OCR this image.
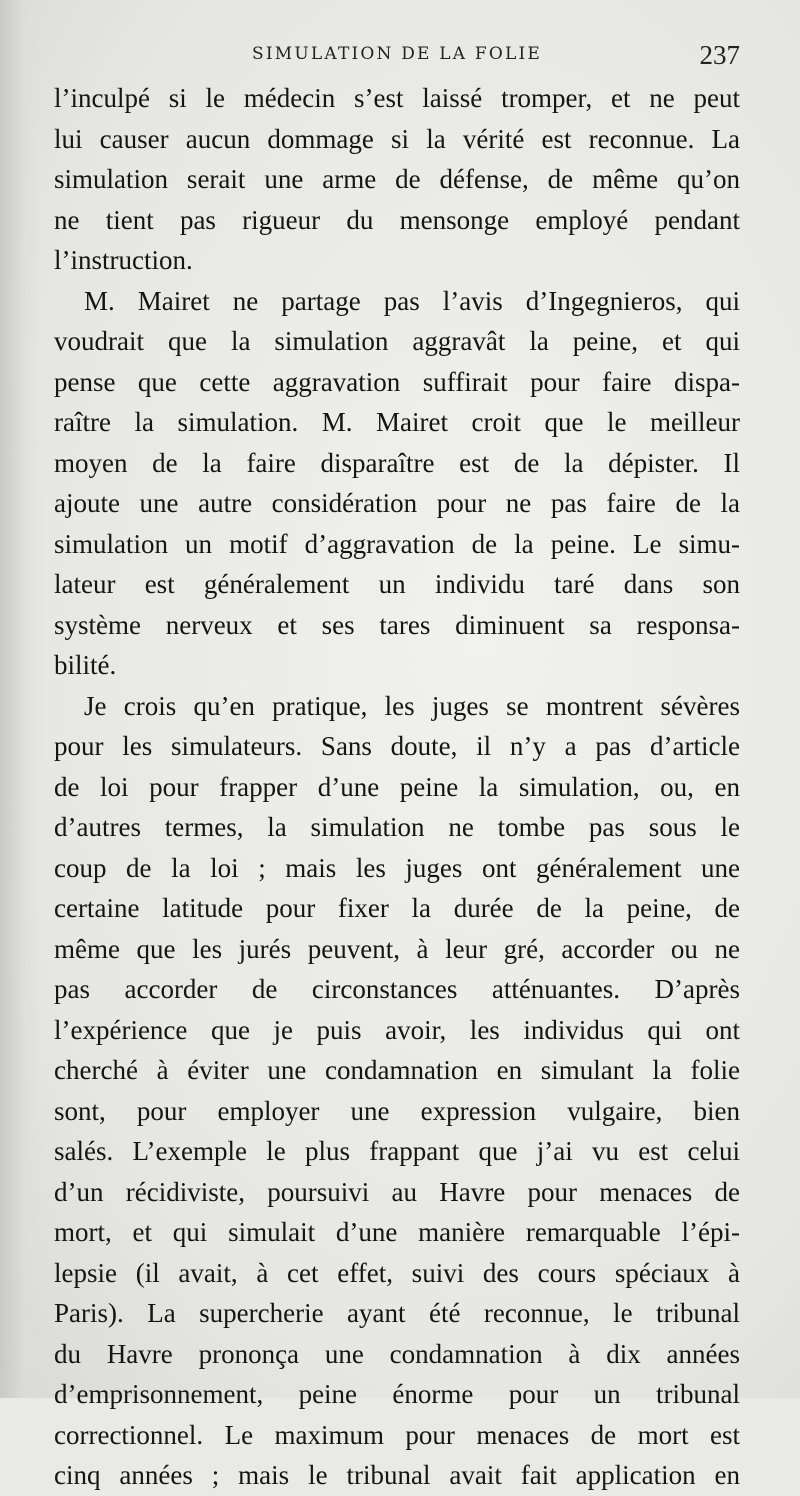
SIMULATION DE LA FOLIE	237
l’inculpé si le médecin s’est laissé tromper, et ne peut
lui causer aucun dommage si la vérité est reconnue. La
simulation serait une arme de défense, de même qu’on
ne tient pas rigueur du mensonge employé pendant
l’instruction.
M. Mairet ne partage pas l’avis d’Ingegnieros, qui
voudrait que la simulation aggravât la peine, et qui
pense que cette aggravation suffirait pour faire dispa-
raître la simulation. M. Mairet croit que le meilleur
moyen de la faire disparaître est de la dépister. Il
ajoute une autre considération pour ne pas faire de la
simulation un motif d’aggravation de la peine. Le simu-
lateur est généralement un individu taré dans son
système nerveux et ses tares diminuent sa responsa-
bilité.
Je crois qu’en pratique, les juges se montrent sévères
pour les simulateurs. Sans doute, il n’y a pas d’article
de loi pour frapper d’une peine la simulation, ou, en
d’autres termes, la simulation ne tombe pas sous le
coup de la loi ; mais les juges ont généralement une
certaine latitude pour fixer la durée de la peine, de
même que les jurés peuvent, à leur gré, accorder ou ne
pas accorder de circonstances atténuantes. D’après
l’expérience que je puis avoir, les individus qui ont
cherché à éviter une condamnation en simulant la folie
sont, pour employer une expression vulgaire, bien
salés. L’exemple le plus frappant que j’ai vu est celui
d’un récidiviste, poursuivi au Havre pour menaces de
mort, et qui simulait d’une manière remarquable l’épi-
lepsie (il avait, à cet effet, suivi des cours spéciaux à
Paris). La supercherie ayant été reconnue, le tribunal
du Havre prononça une condamnation à dix années
d’emprisonnement, peine énorme pour un tribunal
correctionnel. Le maximum pour menaces de mort est
cinq années ; mais le tribunal avait fait application en
